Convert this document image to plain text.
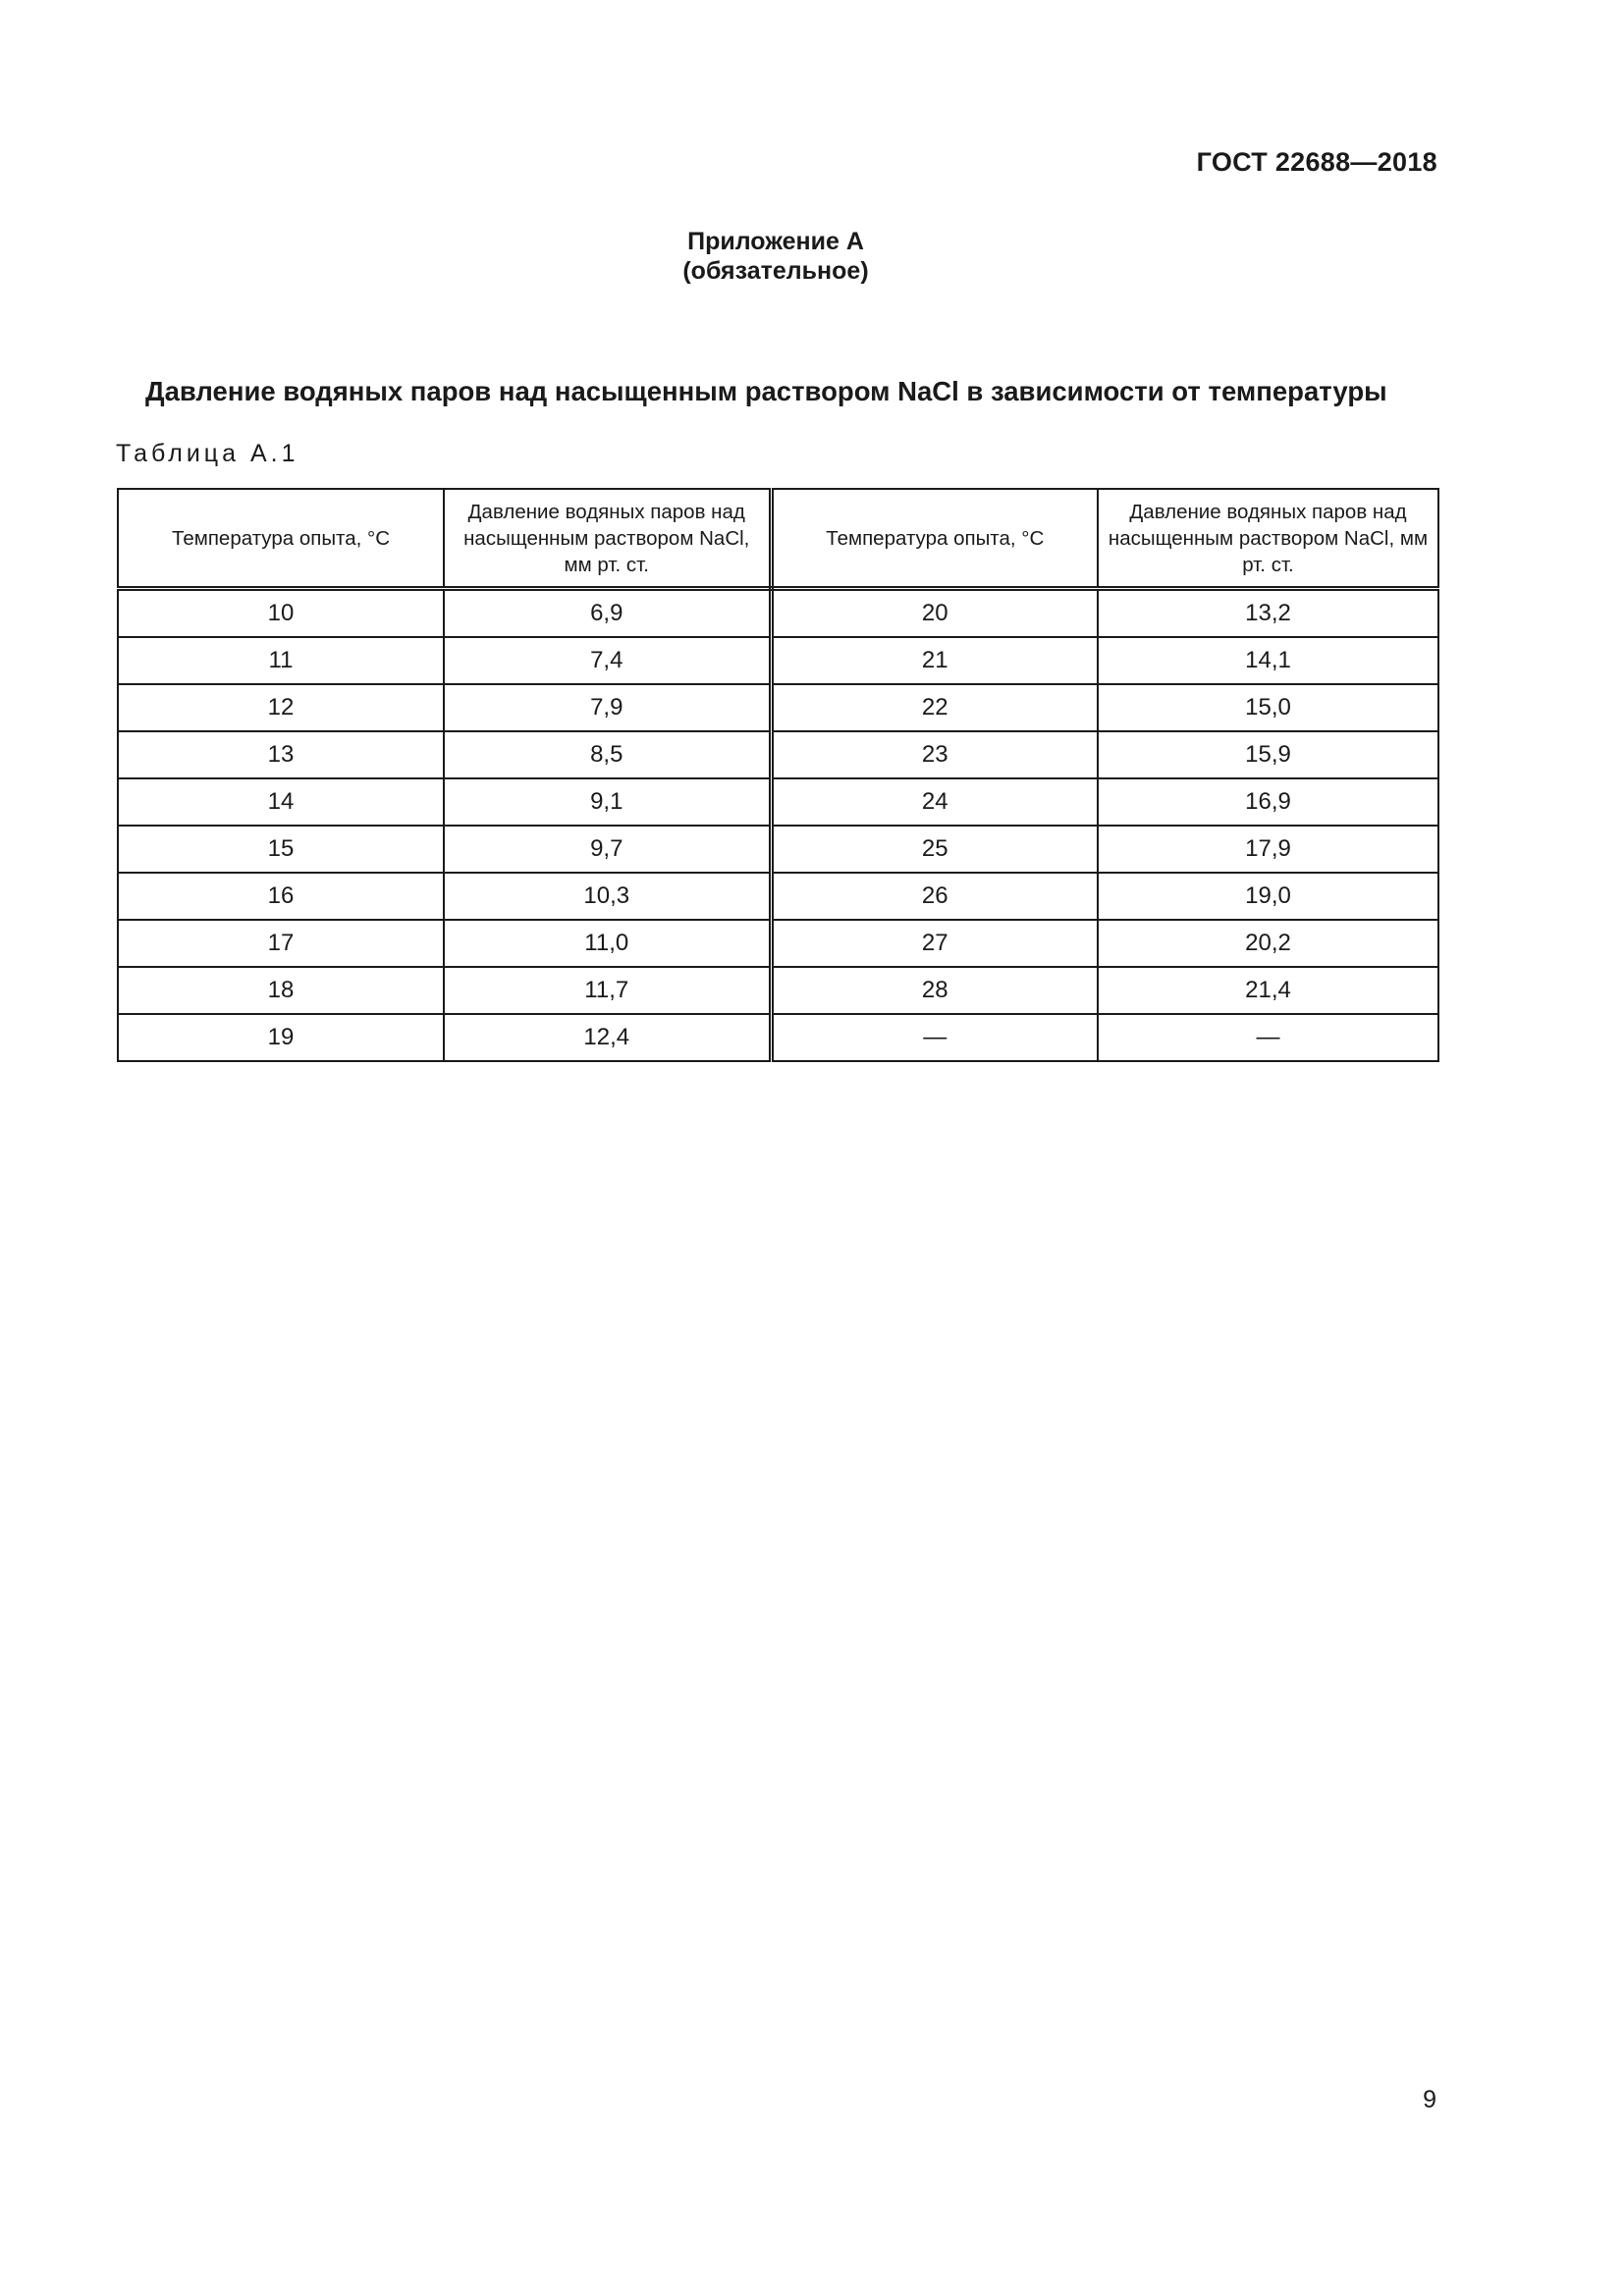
ГОСТ 22688—2018
Приложение А
(обязательное)
Давление водяных паров над насыщенным раствором NaCl в зависимости от температуры
Таблица А.1
Температура опыта, °С	Давление водяных паров над насыщенным раствором NaCl, мм рт. ст.	Температура опыта, °С	Давление водяных паров над насыщенным раствором NaCl, мм рт. ст.
10	6,9	20	13,2
11	7,4	21	14,1
12	7,9	22	15,0
13	8,5	23	15,9
14	9,1	24	16,9
15	9,7	25	17,9
16	10,3	26	19,0
17	11,0	27	20,2
18	11,7	28	21,4
19	12,4	—	—
9
